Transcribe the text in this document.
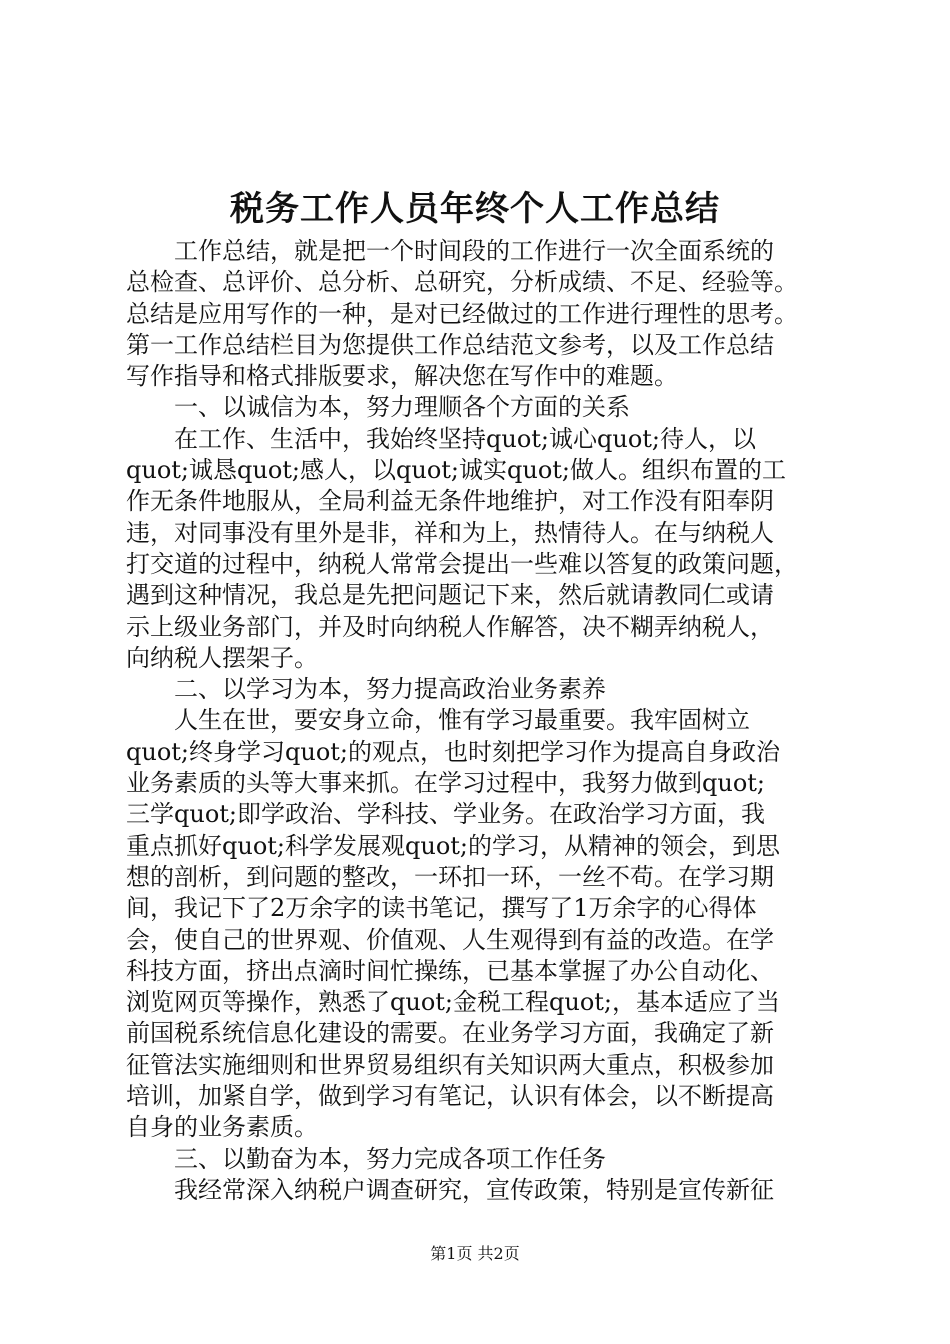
税务工作人员年终个人工作总结
　　工作总结，就是把一个时间段的工作进行一次全面系统的
总检查、总评价、总分析、总研究，分析成绩、不足、经验等。
总结是应用写作的一种，是对已经做过的工作进行理性的思考。
第一工作总结栏目为您提供工作总结范文参考，以及工作总结
写作指导和格式排版要求，解决您在写作中的难题。
　　一、以诚信为本，努力理顺各个方面的关系
　　在工作、生活中，我始终坚持quot;诚心quot;待人，以
quot;诚恳quot;感人，以quot;诚实quot;做人。组织布置的工
作无条件地服从，全局利益无条件地维护，对工作没有阳奉阴
违，对同事没有里外是非，祥和为上，热情待人。在与纳税人
打交道的过程中，纳税人常常会提出一些难以答复的政策问题，
遇到这种情况，我总是先把问题记下来，然后就请教同仁或请
示上级业务部门，并及时向纳税人作解答，决不糊弄纳税人，
向纳税人摆架子。
　　二、以学习为本，努力提高政治业务素养
　　人生在世，要安身立命，惟有学习最重要。我牢固树立
quot;终身学习quot;的观点，也时刻把学习作为提高自身政治
业务素质的头等大事来抓。在学习过程中，我努力做到quot;
三学quot;即学政治、学科技、学业务。在政治学习方面，我
重点抓好quot;科学发展观quot;的学习，从精神的领会，到思
想的剖析，到问题的整改，一环扣一环，一丝不苟。在学习期
间，我记下了2万余字的读书笔记，撰写了1万余字的心得体
会，使自己的世界观、价值观、人生观得到有益的改造。在学
科技方面，挤出点滴时间忙操练，已基本掌握了办公自动化、
浏览网页等操作，熟悉了quot;金税工程quot;，基本适应了当
前国税系统信息化建设的需要。在业务学习方面，我确定了新
征管法实施细则和世界贸易组织有关知识两大重点，积极参加
培训，加紧自学，做到学习有笔记，认识有体会，以不断提高
自身的业务素质。
　　三、以勤奋为本，努力完成各项工作任务
　　我经常深入纳税户调查研究，宣传政策，特别是宣传新征
第1页 共2页
